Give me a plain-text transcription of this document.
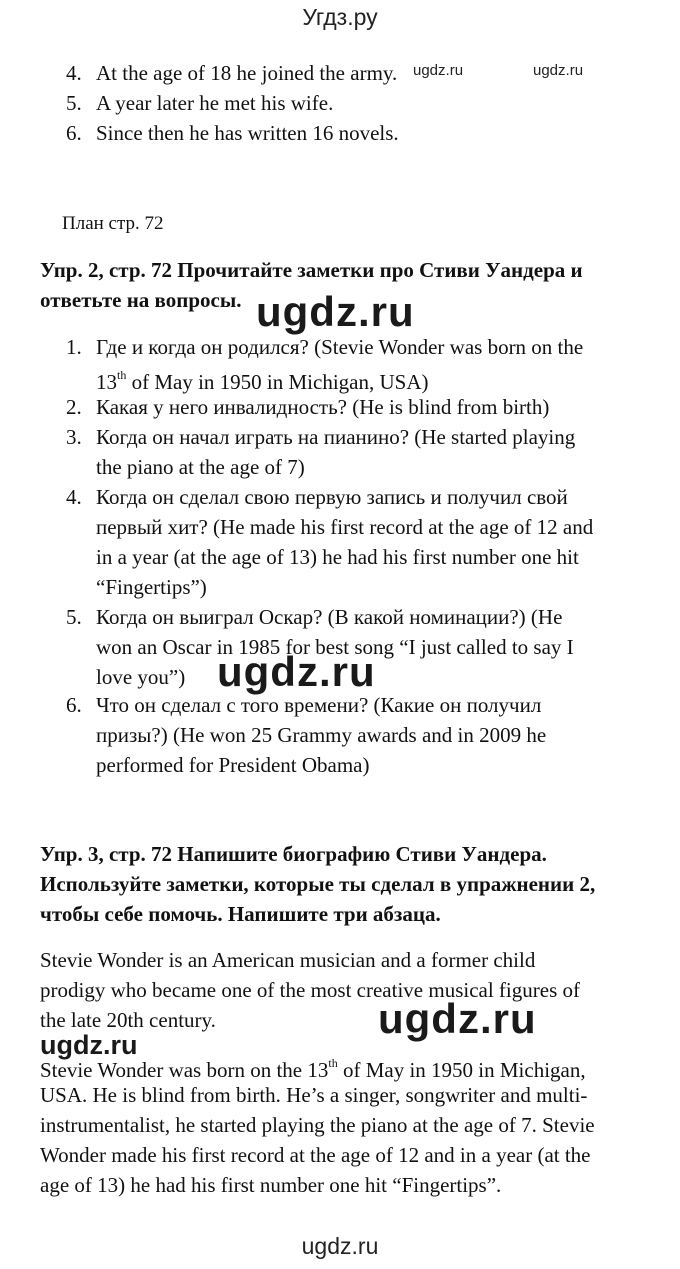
Угдз.ру
ugdz.ru	ugdz.ru
4. At the age of 18 he joined the army.
5. A year later he met his wife.
6. Since then he has written 16 novels.
План стр. 72
Упр. 2, стр. 72 Прочитайте заметки про Стиви Уандера и
ответьте на вопросы. ugdz.ru
1. Где и когда он родился? (Stevie Wonder was born on the
13th of May in 1950 in Michigan, USA)
2. Какая у него инвалидность? (He is blind from birth)
3. Когда он начал играть на пианино? (He started playing
the piano at the age of 7)
4. Когда он сделал свою первую запись и получил свой
первый хит? (He made his first record at the age of 12 and
in a year (at the age of 13) he had his first number one hit
“Fingertips”)
5. Когда он выиграл Оскар? (В какой номинации?) (He
won an Oscar in 1985 for best song “I just called to say I
love you”) ugdz.ru
6. Что он сделал с того времени? (Какие он получил
призы?) (He won 25 Grammy awards and in 2009 he
performed for President Obama)
Упр. 3, стр. 72 Напишите биографию Стиви Уандера.
Используйте заметки, которые ты сделал в упражнении 2,
чтобы себе помочь. Напишите три абзаца.
Stevie Wonder is an American musician and a former child
prodigy who became one of the most creative musical figures of
the late 20th century.	ugdz.ru
ugdz.ru
Stevie Wonder was born on the 13th of May in 1950 in Michigan,
USA. He is blind from birth. He’s a singer, songwriter and multi-
instrumentalist, he started playing the piano at the age of 7. Stevie
Wonder made his first record at the age of 12 and in a year (at the
age of 13) he had his first number one hit “Fingertips”.
ugdz.ru
